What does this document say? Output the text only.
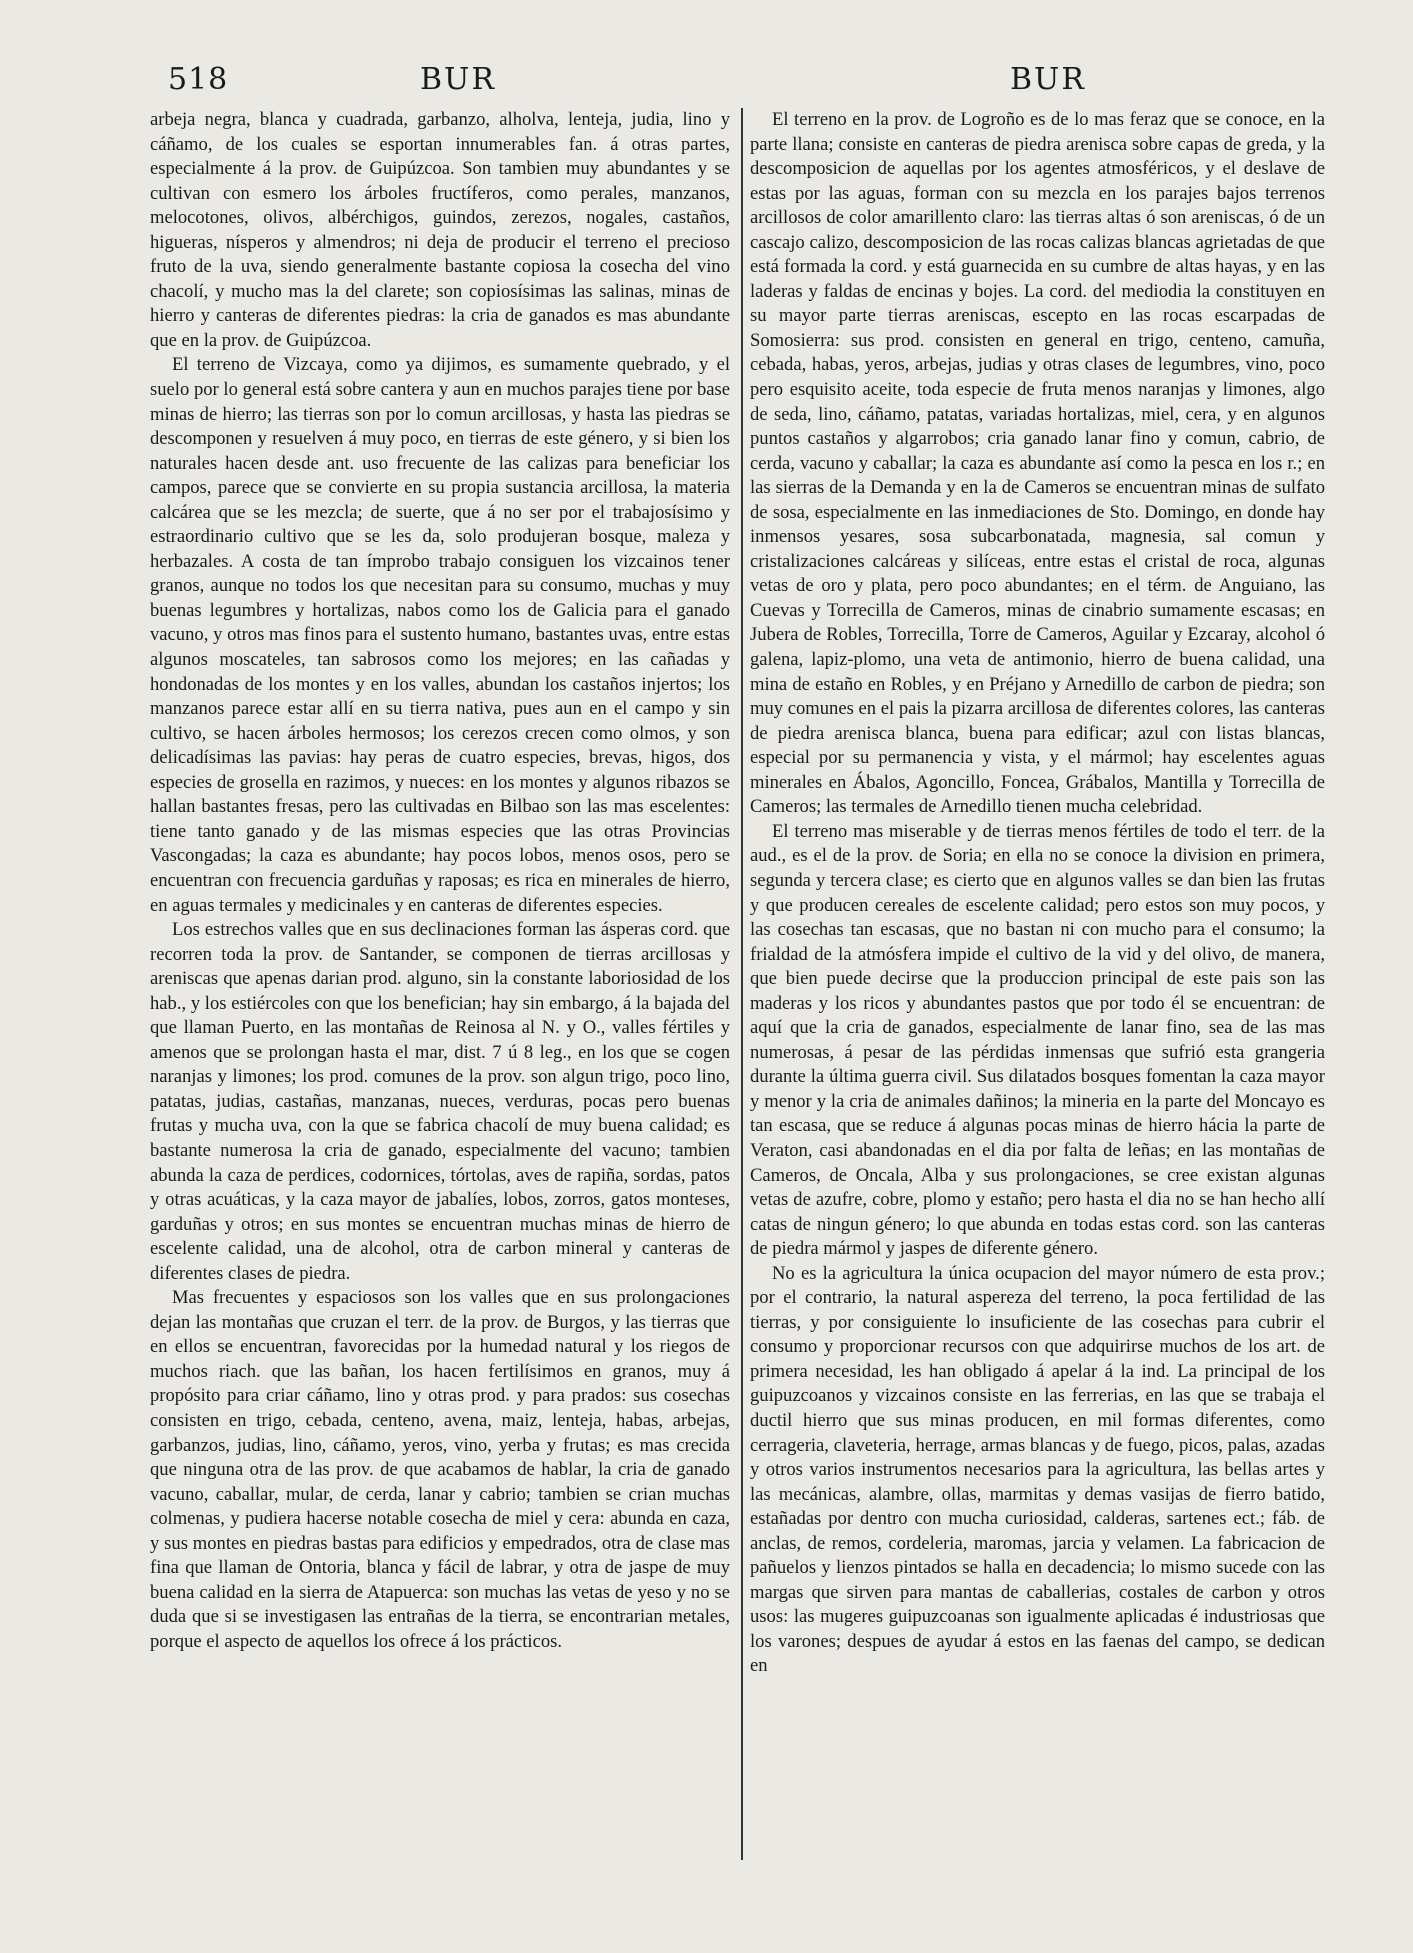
518	BUR	BUR

arbeja negra, blanca y cuadrada, garbanzo, alholva, lenteja, judia, lino y cáñamo, de los cuales se esportan innumerables fan. á otras partes, especialmente á la prov. de Guipúzcoa. Son tambien muy abundantes y se cultivan con esmero los árboles fructíferos, como perales, manzanos, melocotones, olivos, albérchigos, guindos, zerezos, nogales, castaños, higueras, nísperos y almendros; ni deja de producir el terreno el precioso fruto de la uva, siendo generalmente bastante copiosa la cosecha del vino chacolí, y mucho mas la del clarete; son copiosísimas las salinas, minas de hierro y canteras de diferentes piedras: la cria de ganados es mas abundante que en la prov. de Guipúzcoa.

El terreno de Vizcaya, como ya dijimos, es sumamente quebrado, y el suelo por lo general está sobre cantera y aun en muchos parajes tiene por base minas de hierro; las tierras son por lo comun arcillosas, y hasta las piedras se descomponen y resuelven á muy poco, en tierras de este género, y si bien los naturales hacen desde ant. uso frecuente de las calizas para beneficiar los campos, parece que se convierte en su propia sustancia arcillosa, la materia calcárea que se les mezcla; de suerte, que á no ser por el trabajosísimo y estraordinario cultivo que se les da, solo produjeran bosque, maleza y herbazales. A costa de tan ímprobo trabajo consiguen los vizcainos tener granos, aunque no todos los que necesitan para su consumo, muchas y muy buenas legumbres y hortalizas, nabos como los de Galicia para el ganado vacuno, y otros mas finos para el sustento humano, bastantes uvas, entre estas algunos moscateles, tan sabrosos como los mejores; en las cañadas y hondonadas de los montes y en los valles, abundan los castaños injertos; los manzanos parece estar allí en su tierra nativa, pues aun en el campo y sin cultivo, se hacen árboles hermosos; los cerezos crecen como olmos, y son delicadísimas las pavias: hay peras de cuatro especies, brevas, higos, dos especies de grosella en razimos, y nueces: en los montes y algunos ribazos se hallan bastantes fresas, pero las cultivadas en Bilbao son las mas escelentes: tiene tanto ganado y de las mismas especies que las otras Provincias Vascongadas; la caza es abundante; hay pocos lobos, menos osos, pero se encuentran con frecuencia garduñas y raposas; es rica en minerales de hierro, en aguas termales y medicinales y en canteras de diferentes especies.

Los estrechos valles que en sus declinaciones forman las ásperas cord. que recorren toda la prov. de Santander, se componen de tierras arcillosas y areniscas que apenas darian prod. alguno, sin la constante laboriosidad de los hab., y los estiércoles con que los benefician; hay sin embargo, á la bajada del que llaman Puerto, en las montañas de Reinosa al N. y O., valles fértiles y amenos que se prolongan hasta el mar, dist. 7 ú 8 leg., en los que se cogen naranjas y limones; los prod. comunes de la prov. son algun trigo, poco lino, patatas, judias, castañas, manzanas, nueces, verduras, pocas pero buenas frutas y mucha uva, con la que se fabrica chacolí de muy buena calidad; es bastante numerosa la cria de ganado, especialmente del vacuno; tambien abunda la caza de perdices, codornices, tórtolas, aves de rapiña, sordas, patos y otras acuáticas, y la caza mayor de jabalíes, lobos, zorros, gatos monteses, garduñas y otros; en sus montes se encuentran muchas minas de hierro de escelente calidad, una de alcohol, otra de carbon mineral y canteras de diferentes clases de piedra.

Mas frecuentes y espaciosos son los valles que en sus prolongaciones dejan las montañas que cruzan el terr. de la prov. de Burgos, y las tierras que en ellos se encuentran, favorecidas por la humedad natural y los riegos de muchos riach. que las bañan, los hacen fertilísimos en granos, muy á propósito para criar cáñamo, lino y otras prod. y para prados: sus cosechas consisten en trigo, cebada, centeno, avena, maiz, lenteja, habas, arbejas, garbanzos, judias, lino, cáñamo, yeros, vino, yerba y frutas; es mas crecida que ninguna otra de las prov. de que acabamos de hablar, la cria de ganado vacuno, caballar, mular, de cerda, lanar y cabrio; tambien se crian muchas colmenas, y pudiera hacerse notable cosecha de miel y cera: abunda en caza, y sus montes en piedras bastas para edificios y empedrados, otra de clase mas fina que llaman de Ontoria, blanca y fácil de labrar, y otra de jaspe de muy buena calidad en la sierra de Atapuerca: son muchas las vetas de yeso y no se duda que si se investigasen las entrañas de la tierra, se encontrarian metales, porque el aspecto de aquellos los ofrece á los prácticos.

El terreno en la prov. de Logroño es de lo mas feraz que se conoce, en la parte llana; consiste en canteras de piedra arenisca sobre capas de greda, y la descomposicion de aquellas por los agentes atmosféricos, y el deslave de estas por las aguas, forman con su mezcla en los parajes bajos terrenos arcillosos de color amarillento claro: las tierras altas ó son areniscas, ó de un cascajo calizo, descomposicion de las rocas calizas blancas agrietadas de que está formada la cord. y está guarnecida en su cumbre de altas hayas, y en las laderas y faldas de encinas y bojes. La cord. del mediodia la constituyen en su mayor parte tierras areniscas, escepto en las rocas escarpadas de Somosierra: sus prod. consisten en general en trigo, centeno, camuña, cebada, habas, yeros, arbejas, judias y otras clases de legumbres, vino, poco pero esquisito aceite, toda especie de fruta menos naranjas y limones, algo de seda, lino, cáñamo, patatas, variadas hortalizas, miel, cera, y en algunos puntos castaños y algarrobos; cria ganado lanar fino y comun, cabrio, de cerda, vacuno y caballar; la caza es abundante así como la pesca en los r.; en las sierras de la Demanda y en la de Cameros se encuentran minas de sulfato de sosa, especialmente en las inmediaciones de Sto. Domingo, en donde hay inmensos yesares, sosa subcarbonatada, magnesia, sal comun y cristalizaciones calcáreas y silíceas, entre estas el cristal de roca, algunas vetas de oro y plata, pero poco abundantes; en el térm. de Anguiano, las Cuevas y Torrecilla de Cameros, minas de cinabrio sumamente escasas; en Jubera de Robles, Torrecilla, Torre de Cameros, Aguilar y Ezcaray, alcohol ó galena, lapiz-plomo, una veta de antimonio, hierro de buena calidad, una mina de estaño en Robles, y en Préjano y Arnedillo de carbon de piedra; son muy comunes en el pais la pizarra arcillosa de diferentes colores, las canteras de piedra arenisca blanca, buena para edificar; azul con listas blancas, especial por su permanencia y vista, y el mármol; hay escelentes aguas minerales en Ábalos, Agoncillo, Foncea, Grábalos, Mantilla y Torrecilla de Cameros; las termales de Arnedillo tienen mucha celebridad.

El terreno mas miserable y de tierras menos fértiles de todo el terr. de la aud., es el de la prov. de Soria; en ella no se conoce la division en primera, segunda y tercera clase; es cierto que en algunos valles se dan bien las frutas y que producen cereales de escelente calidad; pero estos son muy pocos, y las cosechas tan escasas, que no bastan ni con mucho para el consumo; la frialdad de la atmósfera impide el cultivo de la vid y del olivo, de manera, que bien puede decirse que la produccion principal de este pais son las maderas y los ricos y abundantes pastos que por todo él se encuentran: de aquí que la cria de ganados, especialmente de lanar fino, sea de las mas numerosas, á pesar de las pérdidas inmensas que sufrió esta grangeria durante la última guerra civil. Sus dilatados bosques fomentan la caza mayor y menor y la cria de animales dañinos; la mineria en la parte del Moncayo es tan escasa, que se reduce á algunas pocas minas de hierro hácia la parte de Veraton, casi abandonadas en el dia por falta de leñas; en las montañas de Cameros, de Oncala, Alba y sus prolongaciones, se cree existan algunas vetas de azufre, cobre, plomo y estaño; pero hasta el dia no se han hecho allí catas de ningun género; lo que abunda en todas estas cord. son las canteras de piedra mármol y jaspes de diferente género.

No es la agricultura la única ocupacion del mayor número de esta prov.; por el contrario, la natural aspereza del terreno, la poca fertilidad de las tierras, y por consiguiente lo insuficiente de las cosechas para cubrir el consumo y proporcionar recursos con que adquirirse muchos de los art. de primera necesidad, les han obligado á apelar á la ind. La principal de los guipuzcoanos y vizcainos consiste en las ferrerias, en las que se trabaja el ductil hierro que sus minas producen, en mil formas diferentes, como cerrageria, claveteria, herrage, armas blancas y de fuego, picos, palas, azadas y otros varios instrumentos necesarios para la agricultura, las bellas artes y las mecánicas, alambre, ollas, marmitas y demas vasijas de fierro batido, estañadas por dentro con mucha curiosidad, calderas, sartenes ect.; fáb. de anclas, de remos, cordeleria, maromas, jarcia y velamen. La fabricacion de pañuelos y lienzos pintados se halla en decadencia; lo mismo sucede con las margas que sirven para mantas de caballerias, costales de carbon y otros usos: las mugeres guipuzcoanas son igualmente aplicadas é industriosas que los varones; despues de ayudar á estos en las faenas del campo, se dedican en
